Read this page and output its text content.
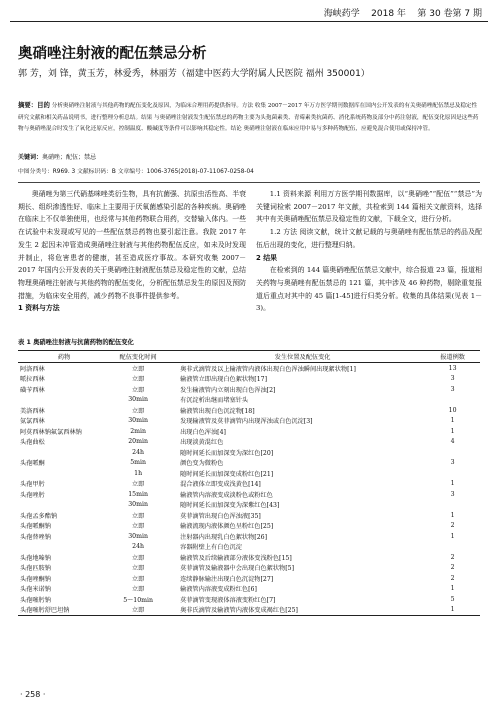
海峡药学 2018 年 第 30 卷第 7 期
奥硝唑注射液的配伍禁忌分析
郭 芳，刘 锋，黄玉芳，林爱秀，林丽芳（福建中医药大学附属人民医院 福州 350001）
摘要：目的 分析奥硝唑注射液与其他药物的配伍变化及原因，为临床合理用药提供指导。方法 收集 2007－2017 年万方医学期刊数据库在国内公开发表的有关奥硝唑配伍禁忌及稳定性研究文献和相关药品说明书，进行整理分析总结。结果 与奥硝唑注射液发生配伍禁忌的药物主要为头孢菌素类、青霉素类抗菌药、消化系统药物及部分中药注射液，配伍变化原因是这些药物与奥硝唑混合时发生了氧化还原反应，控制温度、酸碱度等条件可以影响其稳定性。结论 奥硝唑注射液在临床应用中易与多种药物配伍，应避免混合使用或保持冲管。
关键词：奥硝唑；配伍；禁忌
中图分类号：R969. 3 文献标识码：B 文章编号：1006-3765(2018)-07-11067-0258-04

奥硝唑为第三代硝基咪唑类衍生物，具有抗菌强、抗原虫活性高、半衰期长、组织渗透性好、临床上主要用于厌氧菌感染引起的各种疾病。奥硝唑在临床上不仅单独使用，也经常与其他药物联合用药，交替输入体内。一些在试验中未发现或写见的一些配伍禁忌药物也要引起注意。我院 2017 年发生 2 起因未冲管造成奥硝唑注射液与其他药物配伍反应，如未及时发现并制止，将危害患者的健康，甚至造成医疗事故。本研究收集 2007－2017 年国内公开发表的关于奥硝唑注射液配伍禁忌及稳定性的文献，总结物理奥硝唑注射液与其他药物的配伍变化，分析配伍禁忌发生的原因及预防措施，为临床安全用药，减少药物不良事件提供参考。

1 资料与方法

1.1 资料来源 利用万方医学期刊数据库，以“奥硝唑”“配伍”“禁忌”为关键词检索 2007－2017 年文献，共检索到 144 篇相关文献资料，选择其中有关奥硝唑配伍禁忌及稳定性的文献，下载全文，进行分析。

1.2 方法 阅读文献，统计文献记载的与奥硝唑有配伍禁忌的药品及配伍后出现的变化，进行整理归纳。

2 结果

在检索到的 144 篇奥硝唑配伍禁忌文献中，综合报道 23 篇，报道相关药物与奥硝唑有配伍禁忌的 121 篇，其中涉及 46 种药物，剔除重复报道后重点对其中的 45 篇[1-45]进行归类分析。收集的具体结果(见表 1－3)。

表 1 奥硝唑注射液与抗菌药物的配伍变化
药物	配伍变化时间	发生位置及配伍变化	报道例数
阿洛西林	立即	奥非式滴管及以上输液管内液体出现白色浑浊瞬间出现絮状物[1]	13
哌拉西林	立即	输液管立即出现白色絮状物[17]	3
磺苄西林	立即	发生输液管内立刻出现白色浑浊[2]	3
	30min	有沉淀析出继而堵塞针头	
美洛西林	立即	输液管出现白色沉淀物[18]	10
氨氯西林	30min	发现输液管及莫菲滴管内出现浑浊或白色沉淀[3]	1
阿莫西林钠氟氯西林钠	2min	出现白色浑浊[4]	1
头孢曲松	20min	出现淡黄混红色	4
	24h	随时间延长而加深变为深红色[20]	
头孢哌酮	5min	颜色变为微粉色	3
	1h	随时间延长而加深变成粉红色[21]	
头孢甲肟	立即	混合液体立即变成浅黄色[14]	1
头孢唑肟	15min	输液管内溶液变成淡粉色或粉红色	3
	30min	随时间延长而加深变为深紫红色[43]	
头孢孟多酯钠	立即	莫菲滴管出现白色浑浊液[35]	1
头孢哌酮钠	立即	输液流现内液体颜色呈粉红色[25]	2
头孢替唑钠	30min	注射器内出现乳白色絮状物[26]	1
	24h	容器附壁上有白色沉淀	
头孢地嗪钠	立即	输液管及后续输液部分液体变浅粉色[15]	2
头孢匹胺钠	立即	莫菲滴管及输液器中会出现白色絮状物[5]	2
头孢唑酮钠	立即	连续静脉输注出现白色沉淀物[27]	2
头孢米诺钠	立即	输液管内溶液变成粉红色[6]	1
头孢噻肟钠	5～10min	莫菲滴管变现液体溶液变粉红色[7]	5
头孢噻肟舒巴坦钠	立即	奥非氏滴管及输液管内液体变成褐红色[25]	1
· 258 ·
